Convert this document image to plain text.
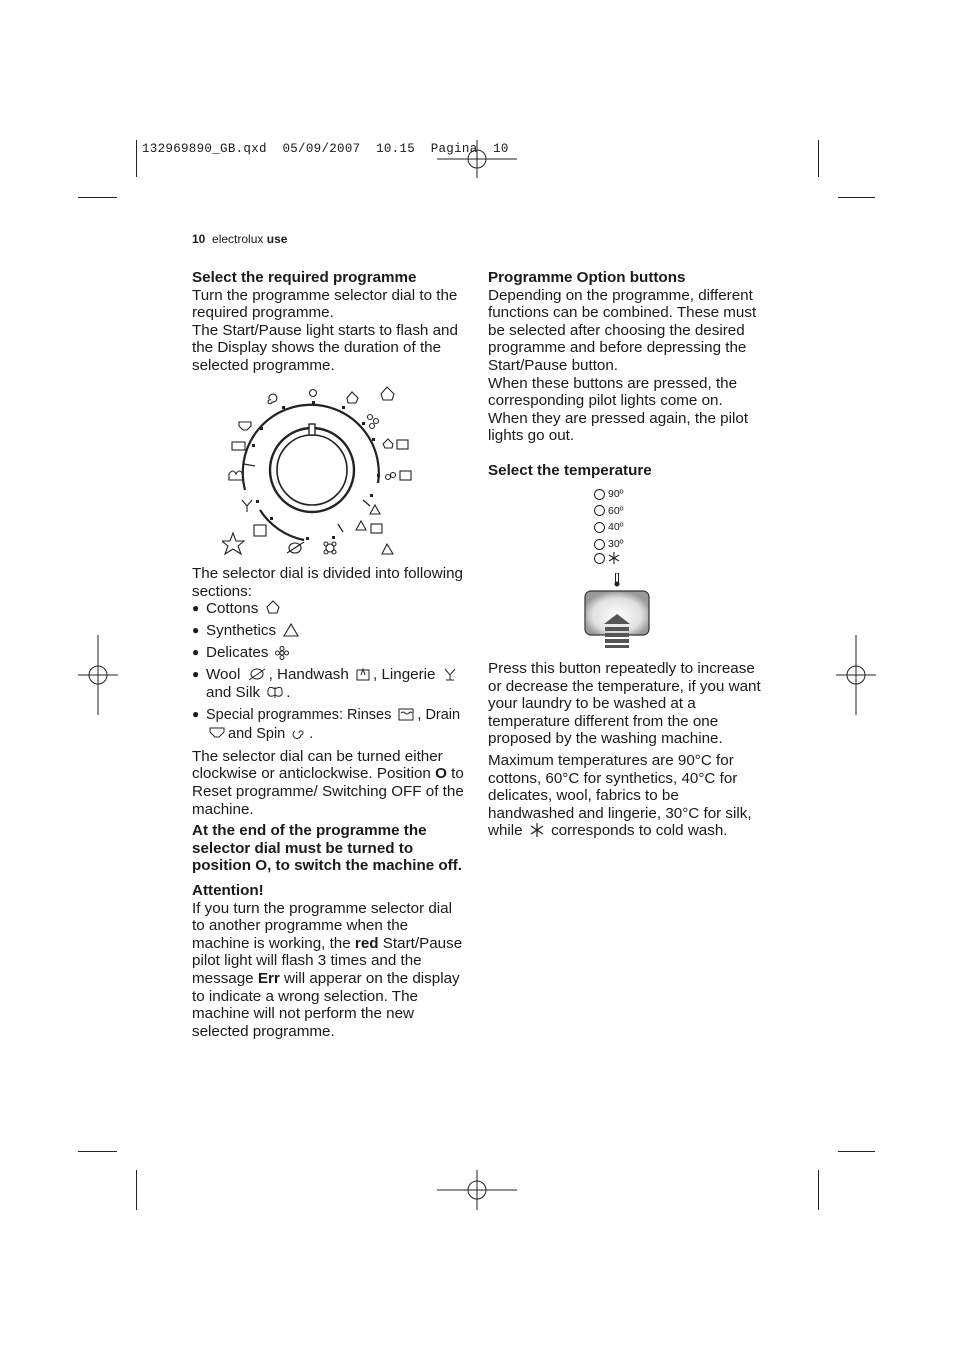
132969890_GB.qxd 05/09/2007 10.15 Pagina 10
10 electrolux use

Select the required programme

Turn the programme selector dial to the required programme.

The Start/Pause light starts to flash and the Display shows the duration of the selected programme.

The selector dial is divided into following sections:

● Cottons
● Synthetics
● Delicates
● Wool , Handwash , Lingerie
and Silk .
● Special programmes: Rinses , Drain
and Spin .

The selector dial can be turned either clockwise or anticlockwise. Position O to Reset programme/ Switching OFF of the machine.

At the end of the programme the selector dial must be turned to position O, to switch the machine off.

Attention!

If you turn the programme selector dial to another programme when the machine is working, the red Start/Pause pilot light will flash 3 times and the message Err will apperar on the display to indicate a wrong selection. The machine will not perform the new selected programme.

Programme Option buttons

Depending on the programme, different functions can be combined. These must be selected after choosing the desired programme and before depressing the Start/Pause button.

When these buttons are pressed, the corresponding pilot lights come on. When they are pressed again, the pilot lights go out.

Select the temperature

90º
60º
40º
30º

Press this button repeatedly to increase or decrease the temperature, if you want your laundry to be washed at a temperature different from the one proposed by the washing machine.

Maximum temperatures are 90°C for cottons, 60°C for synthetics, 40°C for delicates, wool, fabrics to be handwashed and lingerie, 30°C for silk, while  corresponds to cold wash.
